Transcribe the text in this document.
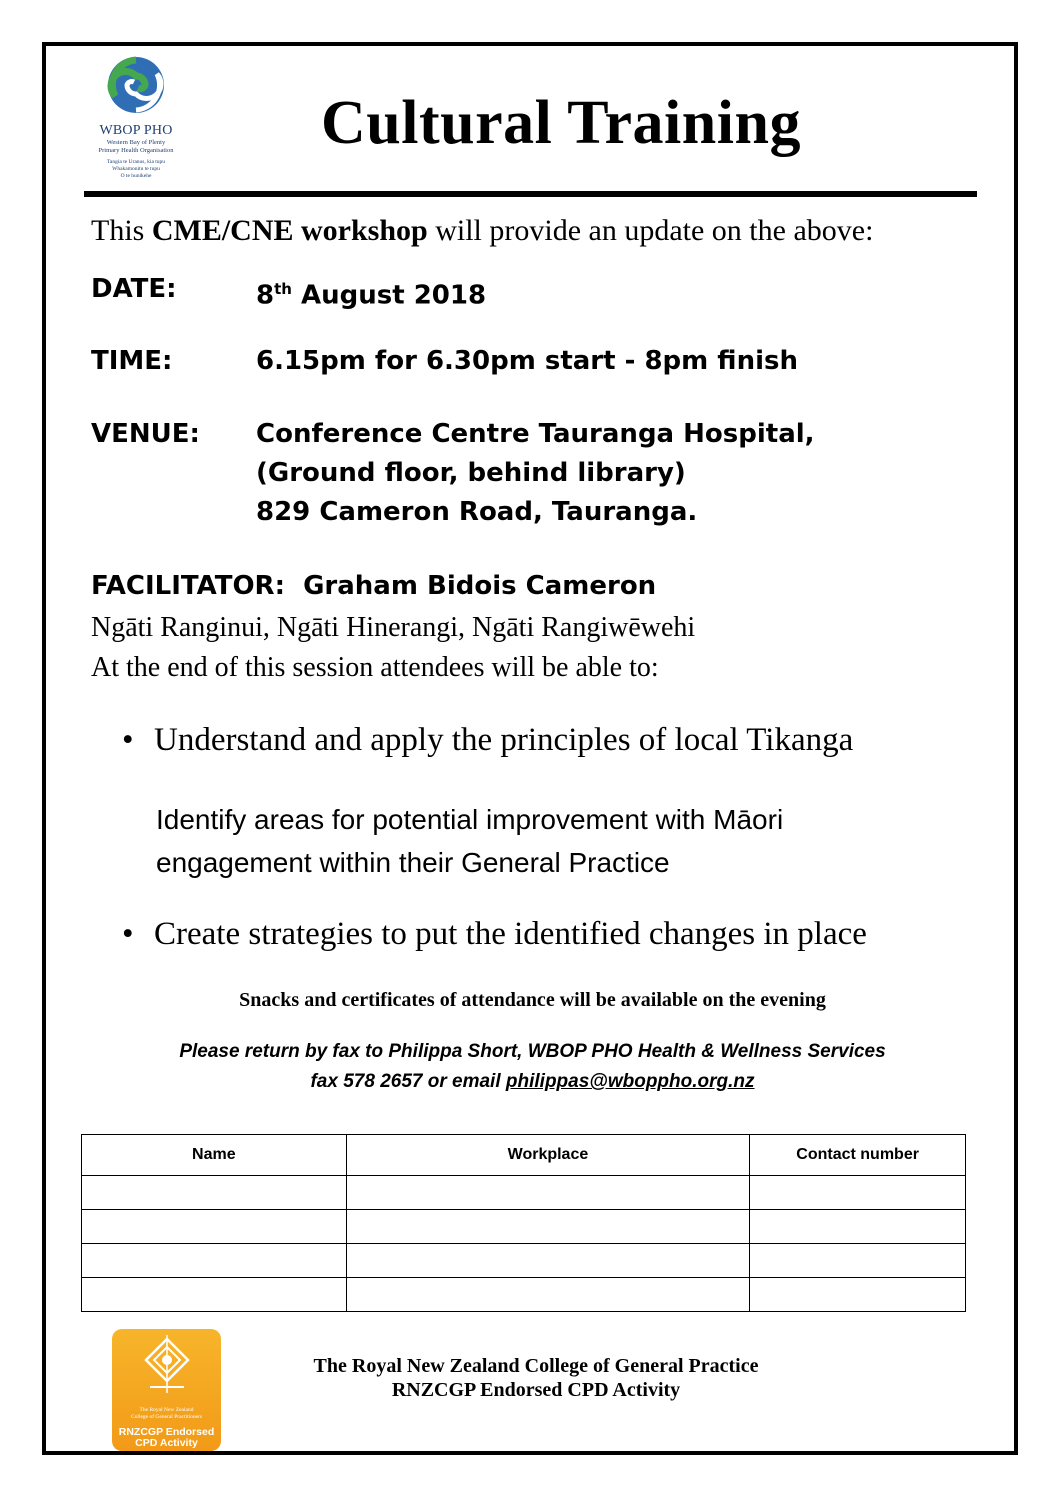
WBOP PHO
Western Bay of Plenty
Primary Health Organisation
Tangia te Uranus, kia tupu
Whakamonitu te tupu
O te hunikehe
Cultural Training
This CME/CNE workshop will provide an update on the above:
DATE:	8th August 2018
TIME:	6.15pm for 6.30pm start - 8pm finish
VENUE: Conference Centre Tauranga Hospital,
(Ground floor, behind library)
829 Cameron Road, Tauranga.
FACILITATOR: Graham Bidois Cameron
Ngāti Ranginui, Ngāti Hinerangi, Ngāti Rangiwēwehi
At the end of this session attendees will be able to:
• Understand and apply the principles of local Tikanga
Identify areas for potential improvement with Māori engagement within their General Practice
• Create strategies to put the identified changes in place
Snacks and certificates of attendance will be available on the evening
Please return by fax to Philippa Short, WBOP PHO Health & Wellness Services
fax 578 2657 or email philippas@wboppho.org.nz
Name	Workplace	Contact number

The Royal New Zealand
College of General Practitioners
RNZCGP Endorsed
CPD Activity
The Royal New Zealand College of General Practice
RNZCGP Endorsed CPD Activity
